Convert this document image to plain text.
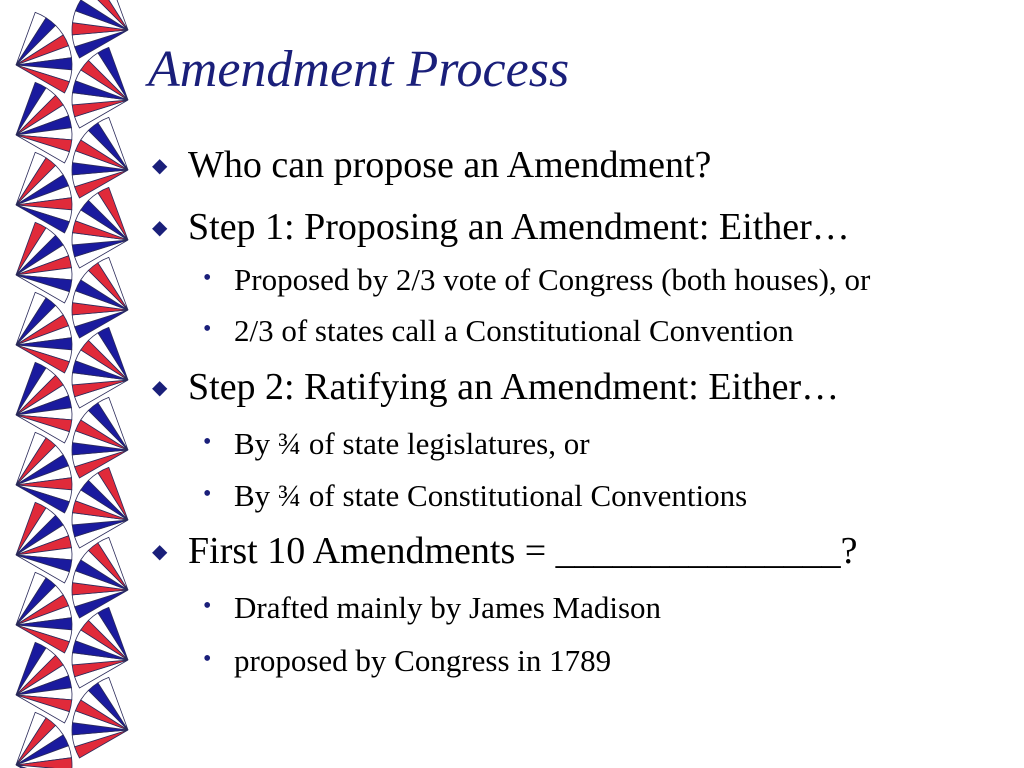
Amendment Process
◆ Who can propose an Amendment?
◆ Step 1: Proposing an Amendment: Either…
• Proposed by 2/3 vote of Congress (both houses), or
• 2/3 of states call a Constitutional Convention
◆ Step 2: Ratifying an Amendment: Either…
• By ¾ of state legislatures, or
• By ¾ of state Constitutional Conventions
◆ First 10 Amendments = _______________?
• Drafted mainly by James Madison
• proposed by Congress in 1789
